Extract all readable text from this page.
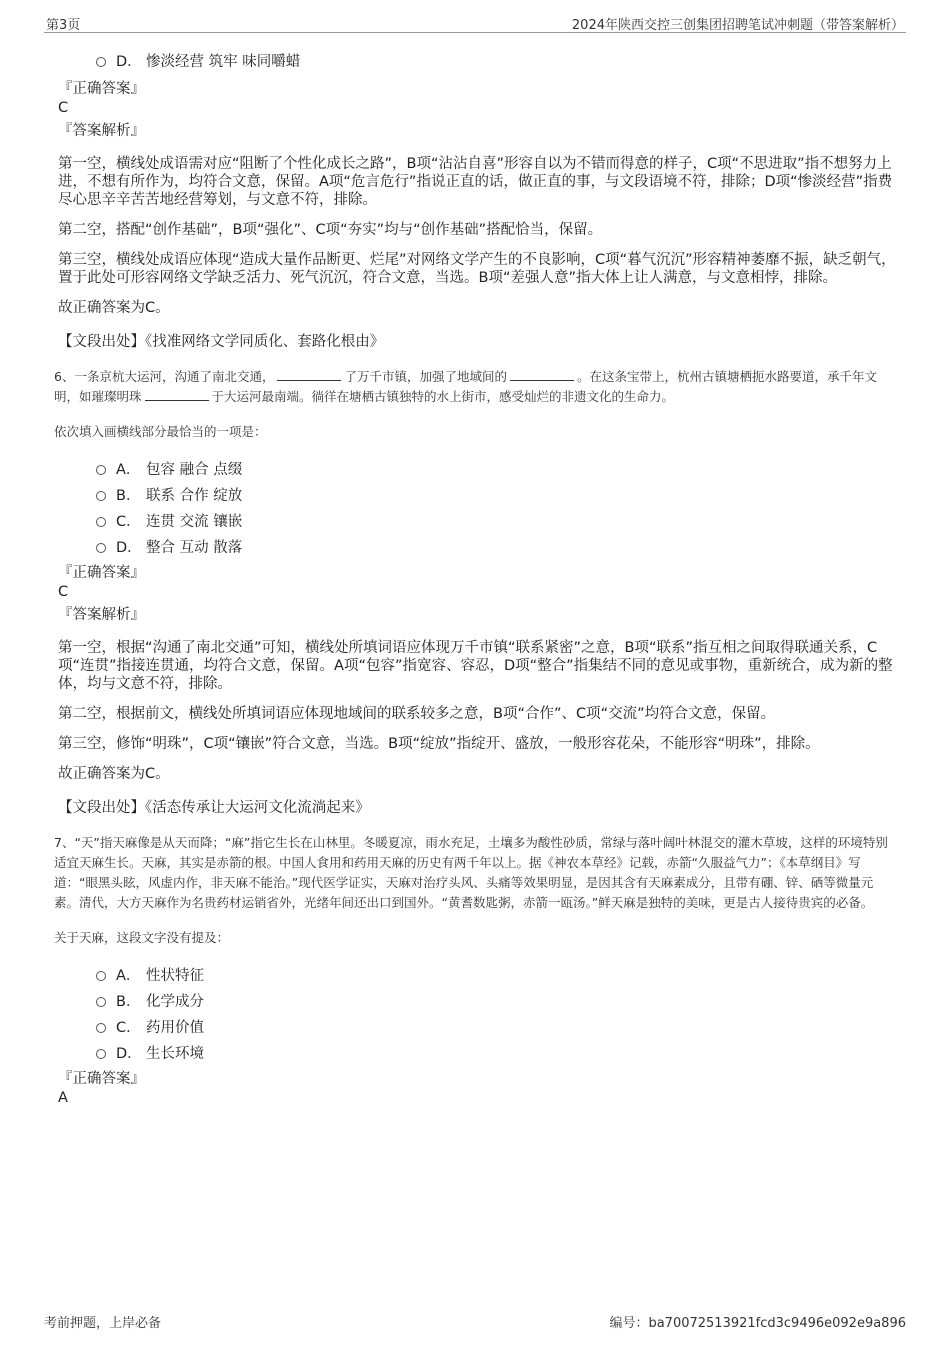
第3页	2024年陕西交控三创集团招聘笔试冲刺题（带答案解析）
D． 惨淡经营 筑牢 味同嚼蜡
『正确答案』
C
『答案解析』
第一空，横线处成语需对应“阻断了个性化成长之路”，B项“沾沾自喜”形容自以为不错而得意的样子，C项“不思进取”指不想努力上进，不想有所作为，均符合文意，保留。A项“危言危行”指说正直的话，做正直的事，与文段语境不符，排除；D项“惨淡经营”指费尽心思辛辛苦苦地经营筹划，与文意不符，排除。
第二空，搭配“创作基础”，B项“强化”、C项“夯实”均与“创作基础”搭配恰当，保留。
第三空，横线处成语应体现“造成大量作品断更、烂尾”对网络文学产生的不良影响，C项“暮气沉沉”形容精神萎靡不振，缺乏朝气，置于此处可形容网络文学缺乏活力、死气沉沉，符合文意，当选。B项“差强人意”指大体上让人满意，与文意相悖，排除。
故正确答案为C。
【文段出处】《找准网络文学同质化、套路化根由》
6、一条京杭大运河，沟通了南北交通，	了万千市镇，加强了地域间的	。在这条宝带上，杭州古镇塘栖扼水路要道，承千年文明，如璀璨明珠	于大运河最南端。徜徉在塘栖古镇独特的水上街市，感受灿烂的非遗文化的生命力。
依次填入画横线部分最恰当的一项是：
A． 包容 融合 点缀
B． 联系 合作 绽放
C． 连贯 交流 镶嵌
D． 整合 互动 散落
『正确答案』
C
『答案解析』
第一空，根据“沟通了南北交通”可知，横线处所填词语应体现万千市镇“联系紧密”之意，B项“联系”指互相之间取得联通关系，C项“连贯”指接连贯通，均符合文意，保留。A项“包容”指宽容、容忍，D项“整合”指集结不同的意见或事物，重新统合，成为新的整体，均与文意不符，排除。
第二空，根据前文，横线处所填词语应体现地域间的联系较多之意，B项“合作”、C项“交流”均符合文意，保留。
第三空，修饰“明珠”，C项“镶嵌”符合文意，当选。B项“绽放”指绽开、盛放，一般形容花朵，不能形容“明珠”，排除。
故正确答案为C。
【文段出处】《活态传承让大运河文化流淌起来》
7、“天”指天麻像是从天而降；“麻”指它生长在山林里。冬暖夏凉，雨水充足，土壤多为酸性砂质，常绿与落叶阔叶林混交的灌木草坡，这样的环境特别适宜天麻生长。天麻，其实是赤箭的根。中国人食用和药用天麻的历史有两千年以上。据《神农本草经》记载，赤箭“久服益气力”；《本草纲目》写道：“眼黑头眩，风虚内作，非天麻不能治。”现代医学证实，天麻对治疗头风、头痛等效果明显，是因其含有天麻素成分，且带有硼、锌、硒等微量元素。清代，大方天麻作为名贵药材运销省外，光绪年间还出口到国外。“黄耆数匙粥，赤箭一瓯汤。”鲜天麻是独特的美味，更是古人接待贵宾的必备。
关于天麻，这段文字没有提及：
A． 性状特征
B． 化学成分
C． 药用价值
D． 生长环境
『正确答案』
A
考前押题，上岸必备	编号：ba70072513921fcd3c9496e092e9a896
